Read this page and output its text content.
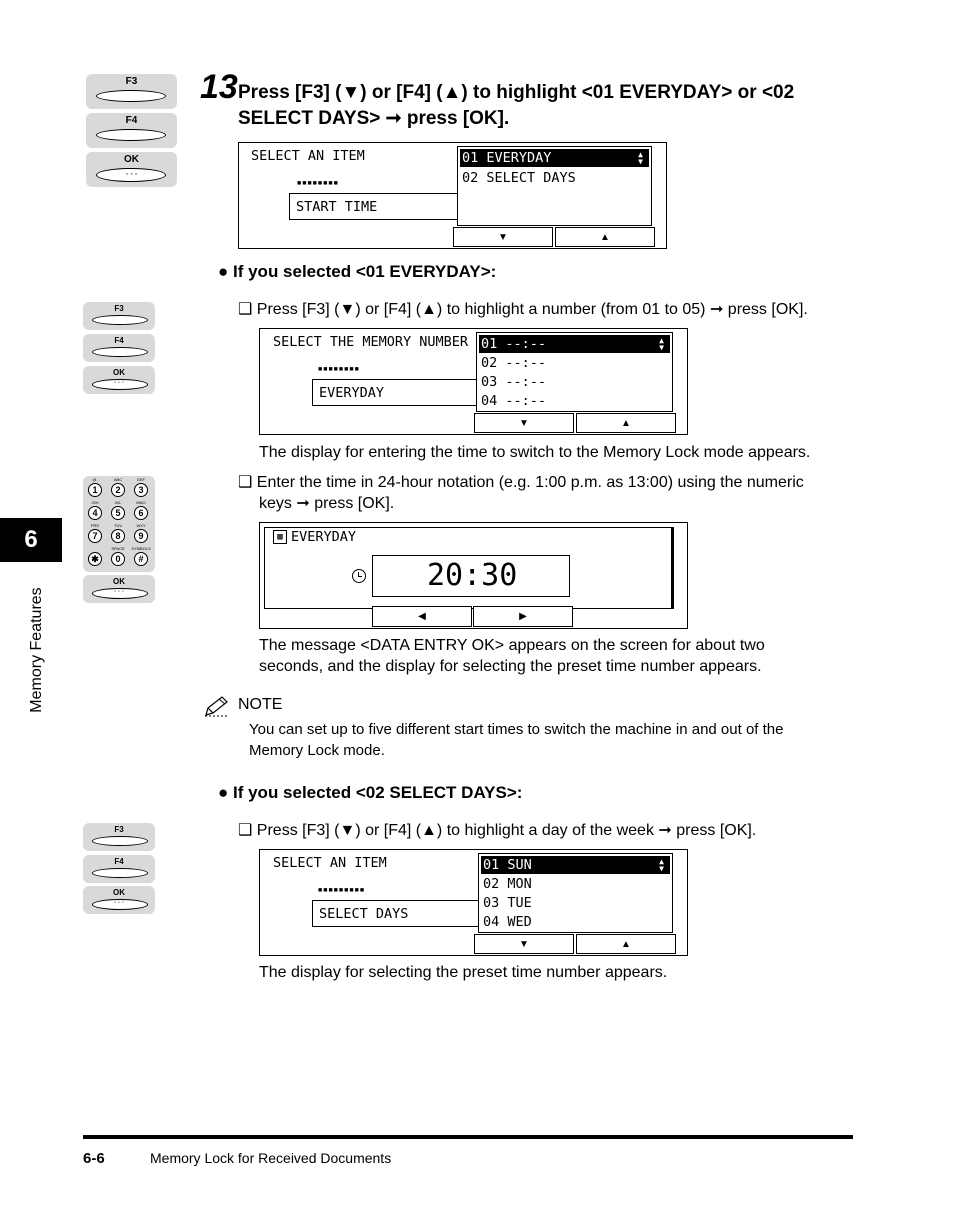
6
Memory Features
F3
F4
OK
◦ ◦ ◦
13 Press [F3] (▼) or [F4] (▲) to highlight <01 EVERYDAY> or <02
SELECT DAYS> ➞ press [OK].
SELECT AN ITEM
■■■■■■■■
START TIME
01 EVERYDAY	▲
▼
02 SELECT DAYS
▼	▲
● If you selected <01 EVERYDAY>:
F3
F4
OK
◦ ◦ ◦
❑ Press [F3] (▼) or [F4] (▲) to highlight a number (from 01 to 05) ➞ press [OK].
SELECT THE MEMORY NUMBER
■■■■■■■■
EVERYDAY
01 --:--	▲
▼
02 --:--
03 --:--
04 --:--
▼	▲
The display for entering the time to switch to the Memory Lock mode appears.
@.	ABC	DEF
1	2	3
GHI	JKL	MNO
4	5	6
PRS	TUV	WXY
7	8	9
SPACE	SYMBOLS
✱	0	#
OK
◦ ◦ ◦
❑ Enter the time in 24-hour notation (e.g. 1:00 p.m. as 13:00) using the numeric
keys ➞ press [OK].
▦ EVERYDAY
20:30
◀	▶
The message <DATA ENTRY OK> appears on the screen for about two
seconds, and the display for selecting the preset time number appears.
NOTE
You can set up to five different start times to switch the machine in and out of the
Memory Lock mode.
● If you selected <02 SELECT DAYS>:
F3
F4
OK
◦ ◦ ◦
❑ Press [F3] (▼) or [F4] (▲) to highlight a day of the week ➞ press [OK].
SELECT AN ITEM
■■■■■■■■■
SELECT DAYS
01 SUN	▲
▼
02 MON
03 TUE
04 WED
▼	▲
The display for selecting the preset time number appears.
6-6	Memory Lock for Received Documents
